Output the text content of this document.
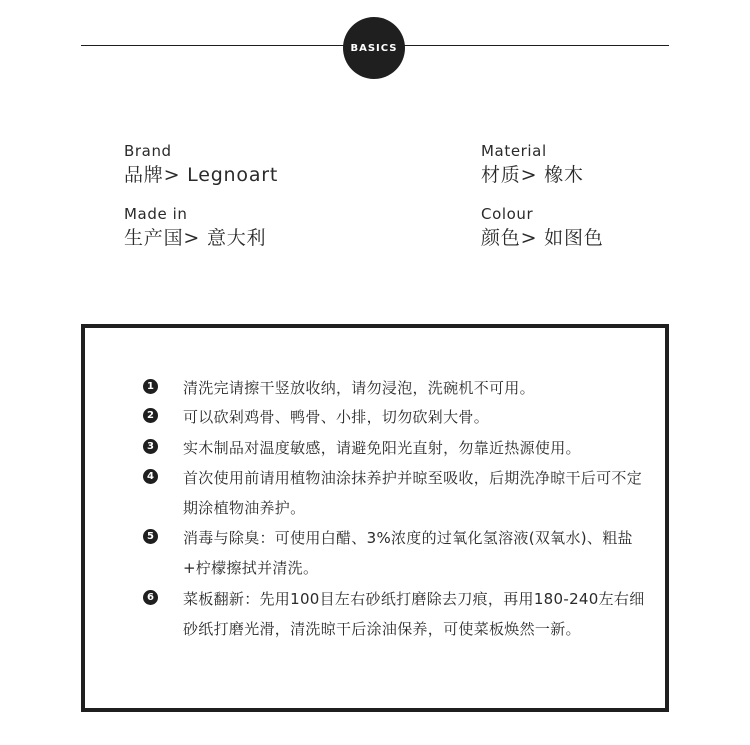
BASICS
Brand
品牌> Legnoart
Material
材质> 橡木
Made in
生产国> 意大利
Colour
颜色> 如图色
1 清洗完请擦干竖放收纳，请勿浸泡，洗碗机不可用。

2 可以砍剁鸡骨、鸭骨、小排，切勿砍剁大骨。

3 实木制品对温度敏感，请避免阳光直射，勿靠近热源使用。

4 首次使用前请用植物油涂抹养护并晾至吸收，后期洗净晾干后可不定期涂植物油养护。

5 消毒与除臭：可使用白醋、3%浓度的过氧化氢溶液(双氧水)、粗盐+柠檬擦拭并清洗。

6 菜板翻新：先用100目左右砂纸打磨除去刀痕，再用180-240左右细砂纸打磨光滑，清洗晾干后涂油保养，可使菜板焕然一新。
